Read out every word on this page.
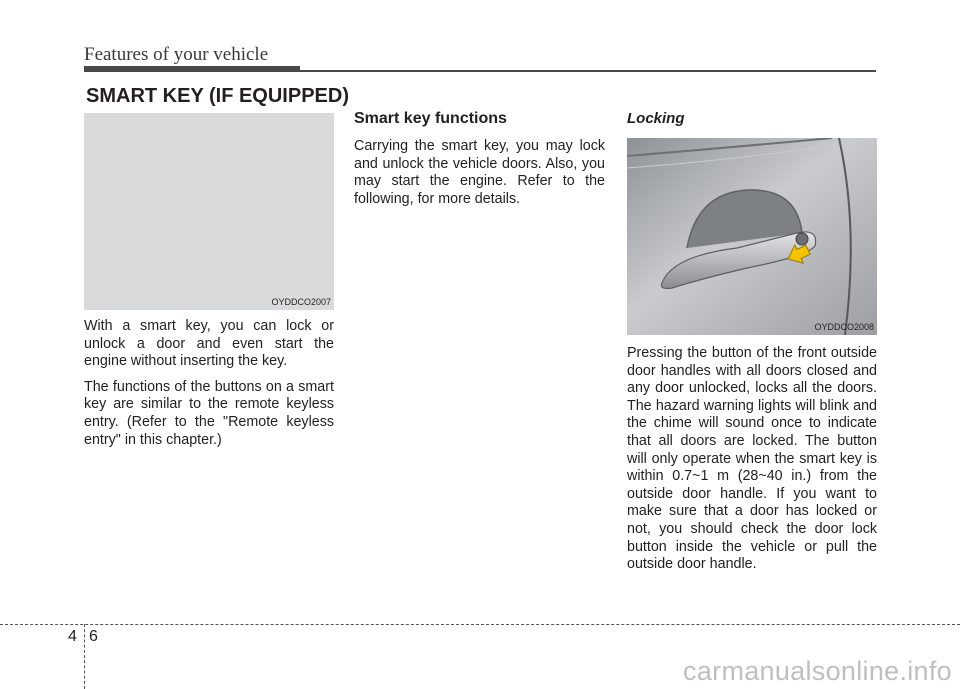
Features of your vehicle
SMART KEY (IF EQUIPPED)
OYDDCO2007

With a smart key, you can lock or unlock a door and even start the engine without inserting the key.

The functions of the buttons on a smart key are similar to the remote keyless entry. (Refer to the "Remote keyless entry" in this chapter.)

Smart key functions

Carrying the smart key, you may lock and unlock the vehicle doors. Also, you may start the engine. Refer to the following, for more details.

Locking
OYDDCO2008

Pressing the button of the front outside door handles with all doors closed and any door unlocked, locks all the doors. The hazard warning lights will blink and the chime will sound once to indicate that all doors are locked. The button will only operate when the smart key is within 0.7~1 m (28~40 in.) from the outside door handle. If you want to make sure that a door has locked or not, you should check the door lock button inside the vehicle or pull the outside door handle.

4 6
carmanualsonline.info
